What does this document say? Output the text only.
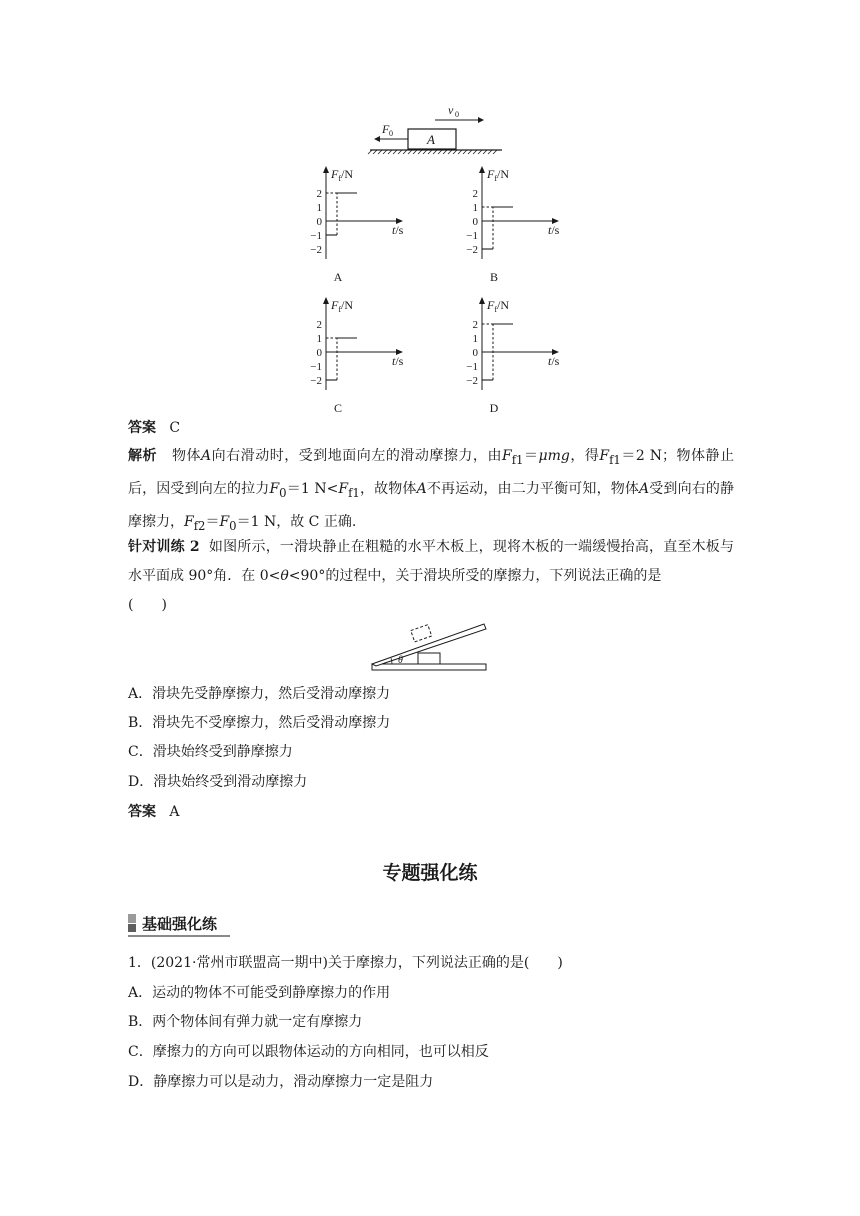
v 0
A
F 0
$F_f/N$
t/s
2
1
0
−1
−2
A
$F_f/N$
t/s
2
1
0
−1
−2
B
$F_f/N$
t/s
2
1
0
−1
−2
C
$F_f/N$
t/s
2
1
0
−1
−2
D
答案 C
解析 物体A向右滑动时，受到地面向左的滑动摩擦力，由$F_{f1}=\mu mg$，得$F_{f1}=2$ N；物体静止后，因受到向左的拉力$F_0=1$ $N<F_{f1}$，故物体A不再运动，由二力平衡可知，物体A受到向右的静摩擦力，$F_{f2}=F_0=1$ N，故 C 正确.
针对训练 2 如图所示，一滑块静止在粗糙的水平木板上，现将木板的一端缓慢抬高，直至木板与水平面成 90°角．在 0<θ<90°的过程中，关于滑块所受的摩擦力，下列说法正确的是
(　　)
θ
A．滑块先受静摩擦力，然后受滑动摩擦力
B．滑块先不受摩擦力，然后受滑动摩擦力
C．滑块始终受到静摩擦力
D．滑块始终受到滑动摩擦力
答案 A
专题强化练
基础强化练
1．(2021·常州市联盟高一期中)关于摩擦力，下列说法正确的是(　　)
A．运动的物体不可能受到静摩擦力的作用
B．两个物体间有弹力就一定有摩擦力
C．摩擦力的方向可以跟物体运动的方向相同，也可以相反
D．静摩擦力可以是动力，滑动摩擦力一定是阻力
